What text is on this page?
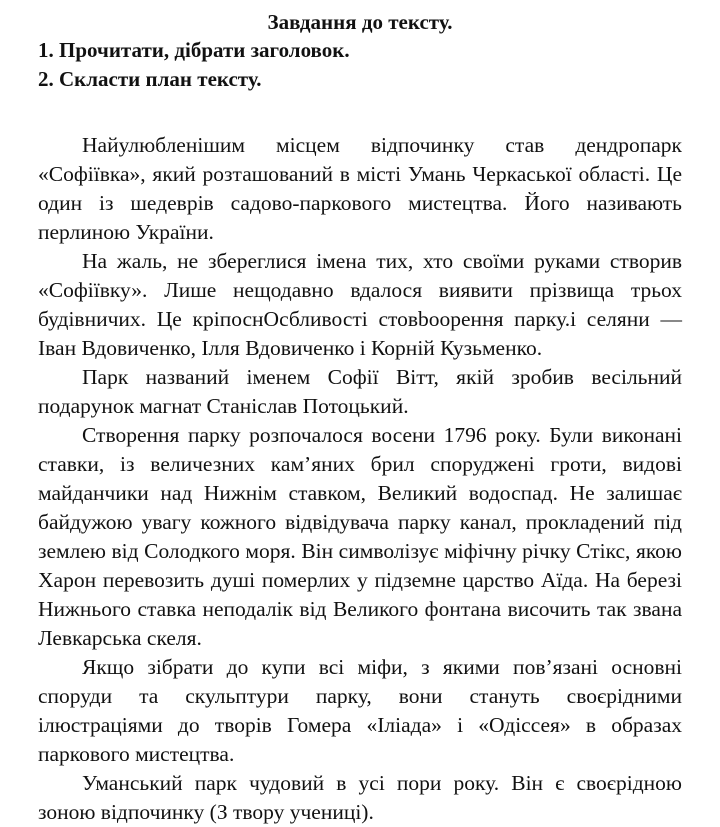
Завдання до тексту.
1. Прочитати, дібрати заголовок.
2. Скласти план тексту.

Найулюбленішим місцем відпочинку став дендропарк «Софіївка», який розташований в місті Умань Черкаської області. Це один із шедеврів садово-паркового мистецтва. Його називають перлиною України.

На жаль, не збереглися імена тих, хто своїми руками створив «Софіївку». Лише нещодавно вдалося виявити прізвища трьох будівничих. Це кріпоснОсбливості стовbooрення парку.і селяни — Іван Вдовиченко, Ілля Вдовиченко і Корній Кузьменко.

Парк названий іменем Софії Вітт, якій зробив весільний подарунок магнат Станіслав Потоцький.

Створення парку розпочалося восени 1796 року. Були виконані ставки, із величезних кам’яних брил споруджені гроти, видові майданчики над Нижнім ставком, Великий водоспад. Не залишає байдужою увагу кожного відвідувача парку канал, прокладений під землею від Солодкого моря. Він символізує міфічну річку Стікс, якою Харон перевозить душі померлих у підземне царство Аїда. На березі Нижнього ставка неподалік від Великого фонтана височить так звана Левкарська скеля.

Якщо зібрати до купи всі міфи, з якими пов’язані основні споруди та скульптури парку, вони стануть своєрідними ілюстраціями до творів Гомера «Іліада» і «Одіссея» в образах паркового мистецтва.

Уманський парк чудовий в усі пори року. Він є своєрідною зоною відпочинку (З твору учениці).
